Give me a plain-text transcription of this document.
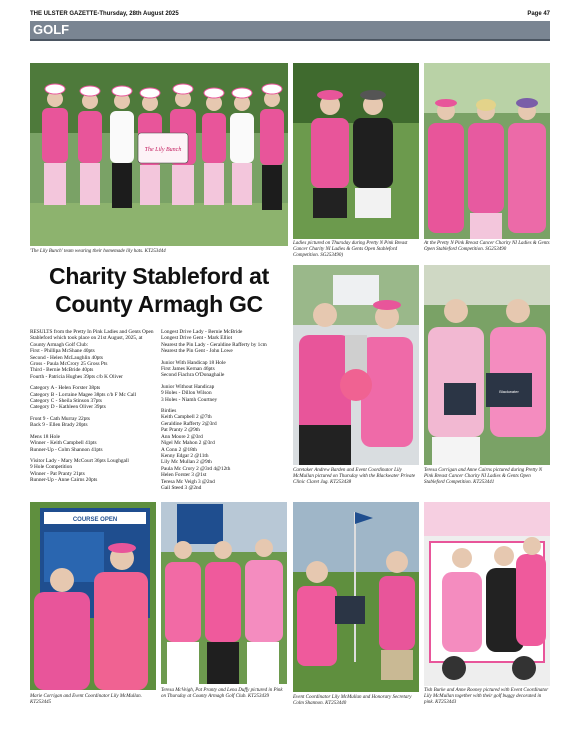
THE ULSTER GAZETTE-Thursday, 28th August 2025	Page 47
GOLF
The Lily Bunch
'The Lily Bunch' team wearing their homemade lily hats. KT253444
Ladies pictured on Thursday during Pretty N Pink Breast Cancer Charity NI Ladies & Gents Open Stableford Competition. SG253490)
At the Pretty N Pink Breast Cancer Charity NI Ladies & Gents Open Stableford Competition. SG253490
Charity Stableford at
County Armagh GC

RESULTS from the Pretty In Pink Ladies and Gents Open Stableford which took place on 21st August, 2025, at County Armagh Golf Club:

First - Phillipa McShane 40pts

Second - Helen McLaughlin 40pts

Gross - Paula McCrory 25 Gross Pts

Third - Bernie McBride 40pts

Fourth - Patricia Hughes 39pts c/b K Oliver

Category A - Helen Forster 38pts

Category B - Lorraine Magee 38pts c/b F Mc Call

Category C - Sheila Stinson 37pts

Category D - Kathleen Oliver 39pts

Front 9 - Cath Murray 22pts

Back 9 - Ellen Brady 20pts

Mens 18 Hole

Winner - Keith Campbell 41pts

Runner-Up - Colm Shannon 41pts

Visitor Lady - Mary McCourt 36pts Loughgall

9 Hole Competition

Winner - Pat Pranty 21pts

Runner-Up - Anne Cairns 20pts

Longest Drive Lady - Bernie McBride

Longest Drive Gent - Mark Elliot

Nearest the Pin Lady - Geraldine Rafferty by 1cm

Nearest the Pin Gent - John Lowe

Junior With Handicap 18 Hole

First James Kernan 46pts

Second Fiachra O'Donaghaile

Junior Without Handicap

9 Holes - Dillon Wilson

3 Holes - Niamh Courtney

Birdies

Keith Campbell 2 @7th

Geraldine Rafferty 2@3rd

Pat Pranty 2 @9th

Ann Moore 2 @3rd

Nigel Mc Mahon 2 @3rd

A Conn 2 @18th

Kenny Edgar 2 @11th

Lily Mc Mullan 2 @9th

Paula Mc Crory 2 @3rd 4@12th

Helen Forster 3 @1st

Teresa Mc Veigh 3 @2nd

Gail Steed 3 @2nd

Caretaker Andrew Barden and Event Coordinator Lily McMullan pictured on Thursday with the Blackwater Private Clinic Claret Jug. KT253438
Blackwater
Teresa Corrigan and Anne Cairns pictured during Pretty N Pink Breast Cancer Charity NI Ladies & Gents Open Stableford Competition. KT253441
COURSE OPEN
Marie Corrigan and Event Coordinator Lily McMullan. KT253445
Teresa McVeigh, Pat Pranty and Lena Duffy pictured in Pink on Thursday at County Armagh Golf Club. KT253439	Event Coordinator Lily McMullan and Honorary Secretary Colm Shannon. KT253440
Tish Burke and Anne Rooney pictured with Event Coordinator Lily McMullan together with their golf buggy decorated in pink. KT253443
